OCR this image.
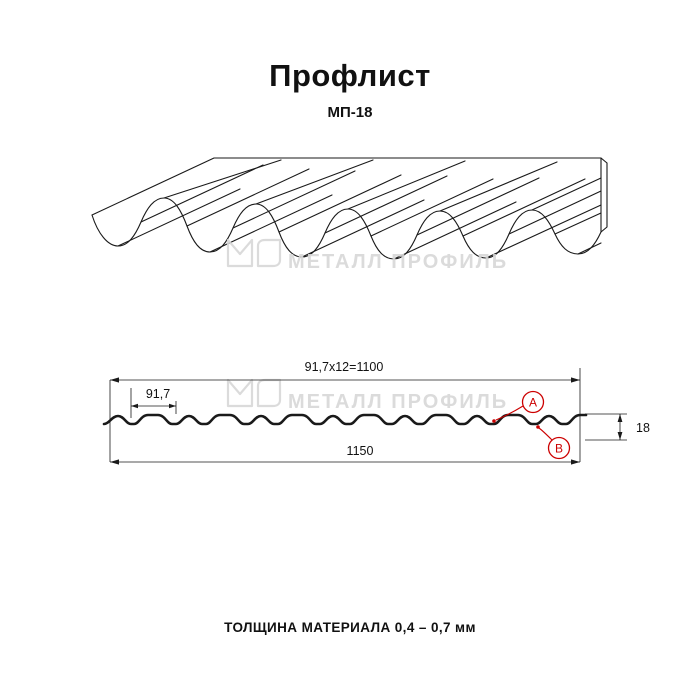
Профлист
МП-18
МЕТАЛЛ ПРОФИЛЬ
МЕТАЛЛ ПРОФИЛЬ A
B
91,7x12=1100
91,7
1150
18
ТОЛЩИНА МАТЕРИАЛА 0,4 – 0,7 мм
